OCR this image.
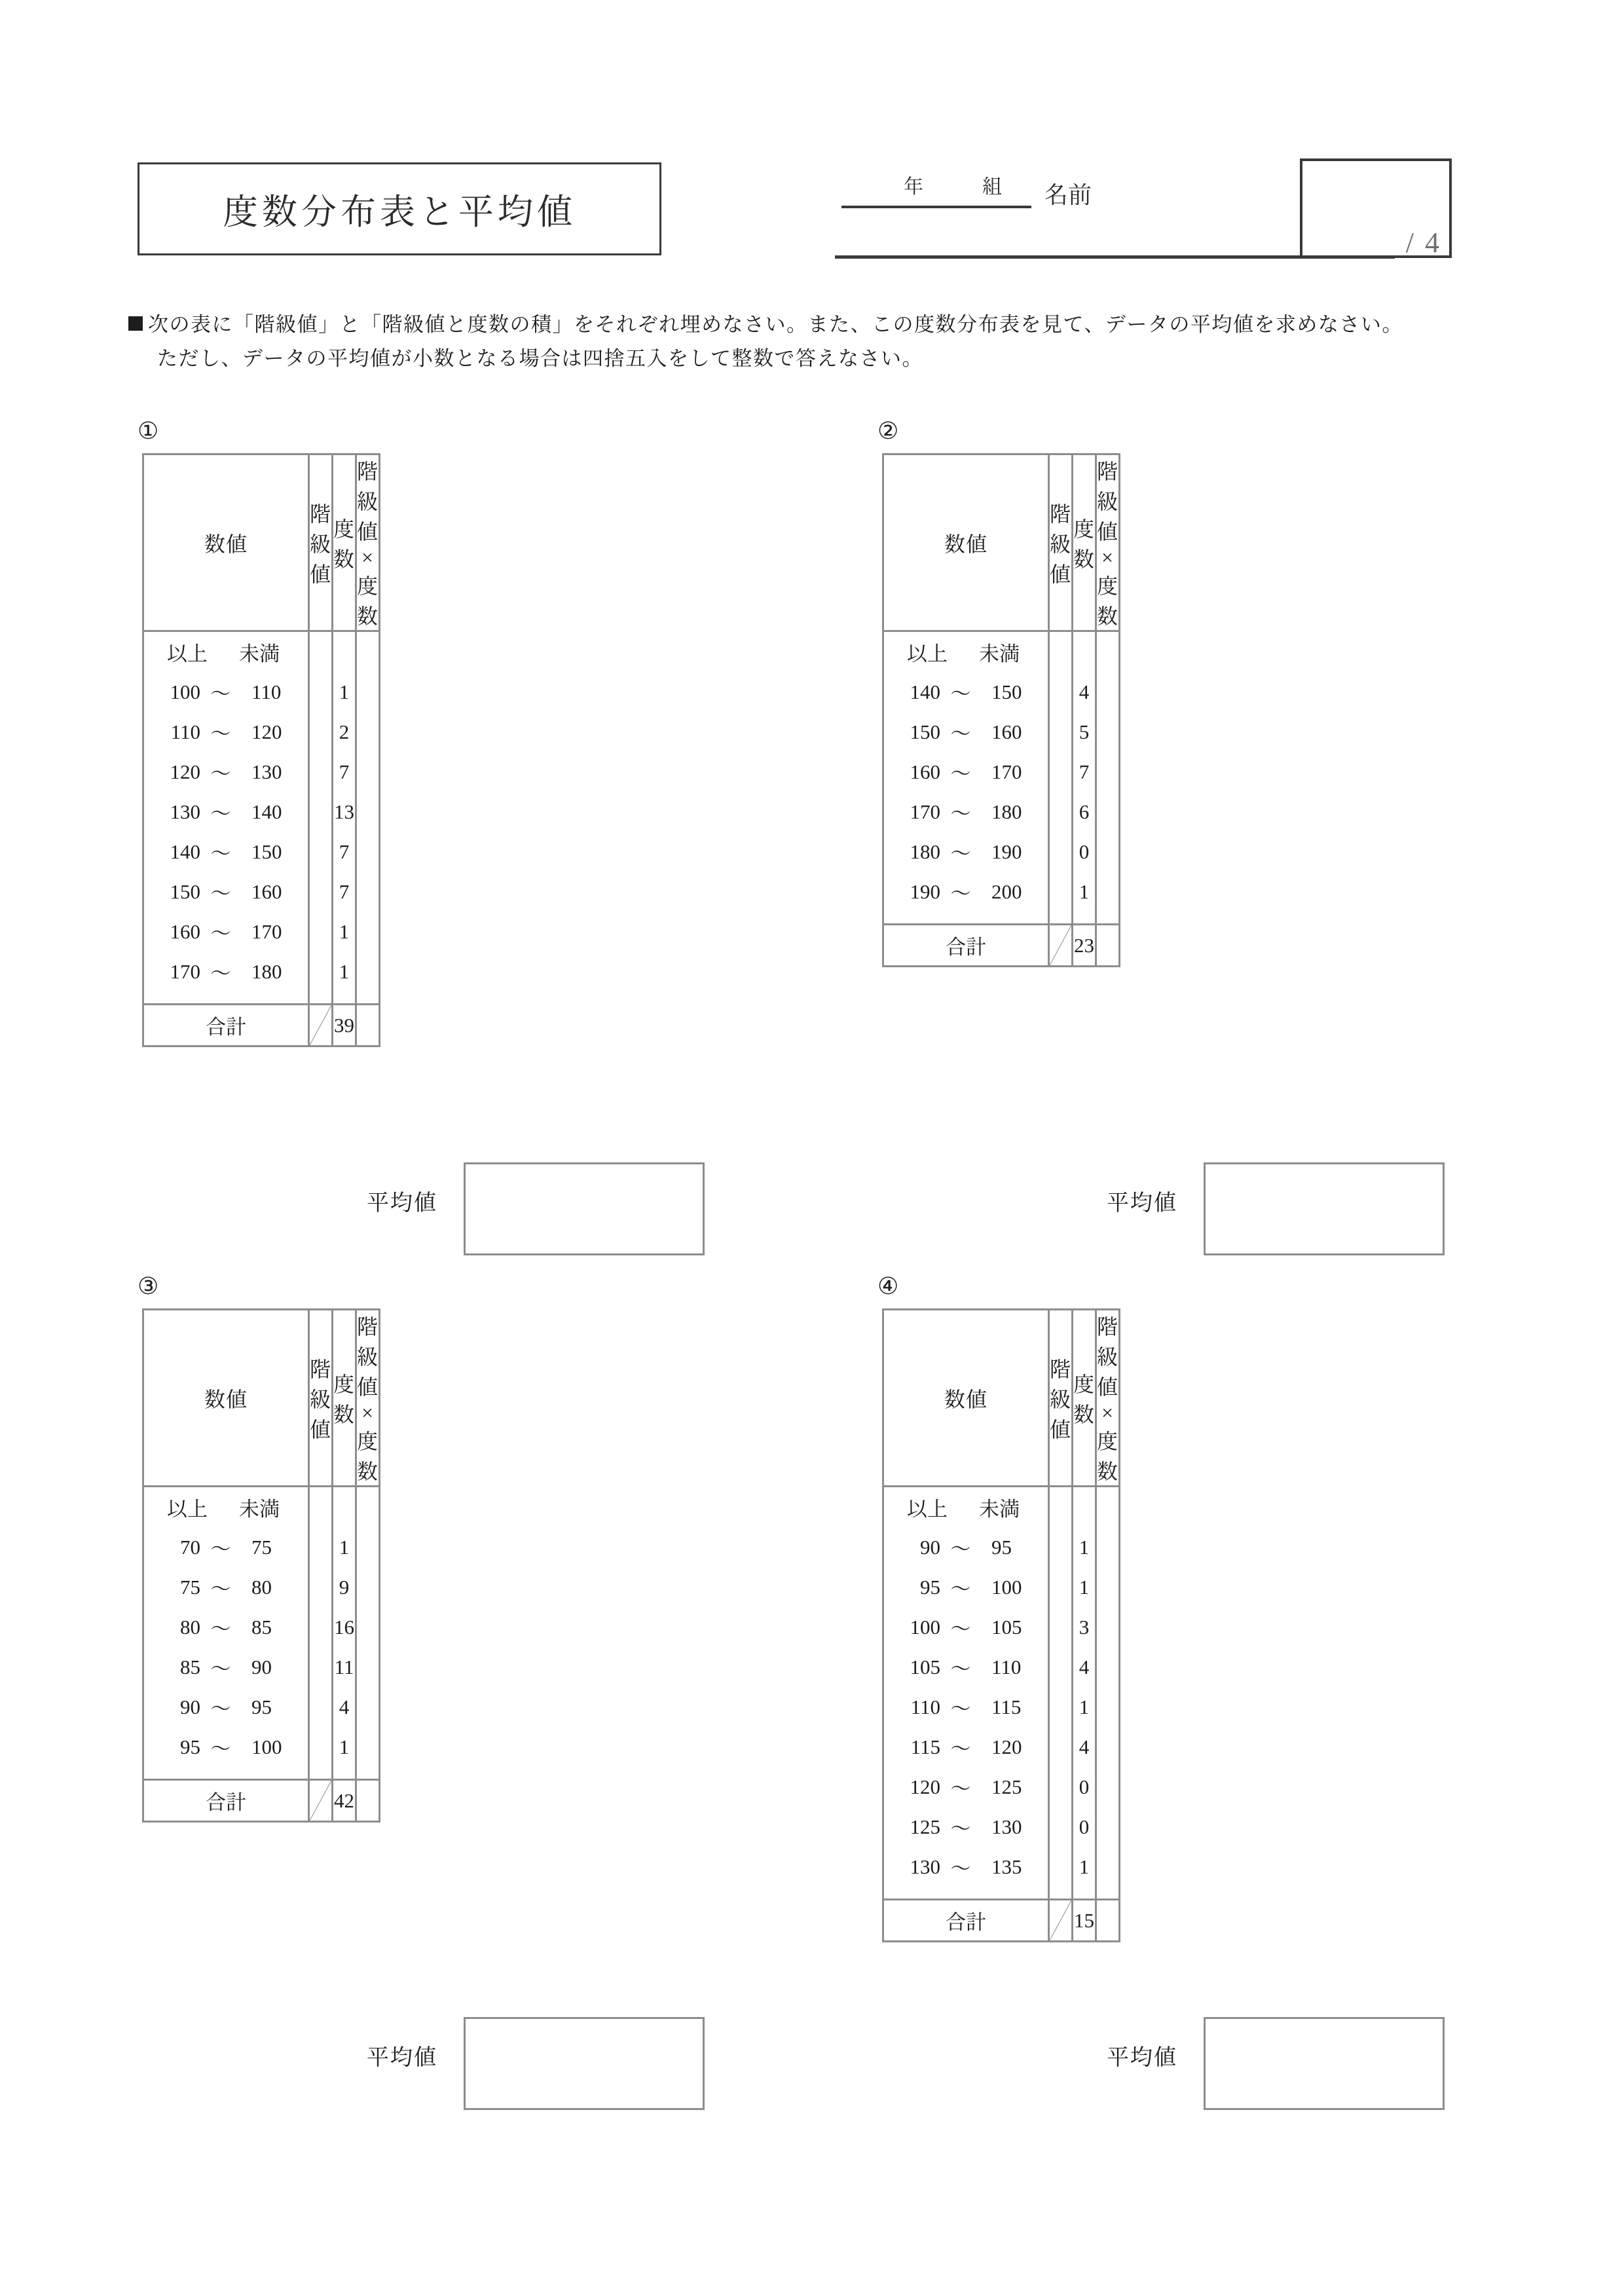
度数分布表と平均値
年	組 名前
/ 4
次の表に「階級値」と「階級値と度数の積」をそれぞれ埋めなさい。また、この度数分布表を見て、データの平均値を求めなさい。
ただし、データの平均値が小数となる場合は四捨五入をして整数で答えなさい。
①
数値	階級値	度数	階級値×度数

以上 未満			

100 〜 110		1	

110 〜 120		2	

120 〜 130		7	

130 〜 140		13	

140 〜 150		7	

150 〜 160		7	

160 〜 170		1	

170 〜 180		1	
合計		39	
②
数値	階級値	度数	階級値×度数

以上 未満			

140 〜 150		4	

150 〜 160		5	

160 〜 170		7	

170 〜 180		6	

180 〜 190		0	

190 〜 200		1	
合計		23	
平均値	平均値
③
数値	階級値	度数	階級値×度数

以上 未満			

70 〜 75		1	

75 〜 80		9	

80 〜 85		16	

85 〜 90		11	

90 〜 95		4	

95 〜 100		1	
合計		42	
④
数値	階級値	度数	階級値×度数

以上 未満			

90 〜 95		1	

95 〜 100		1	

100 〜 105		3	

105 〜 110		4	

110 〜 115		1	

115 〜 120		4	

120 〜 125		0	

125 〜 130		0	

130 〜 135		1	
合計		15	
平均値	平均値
